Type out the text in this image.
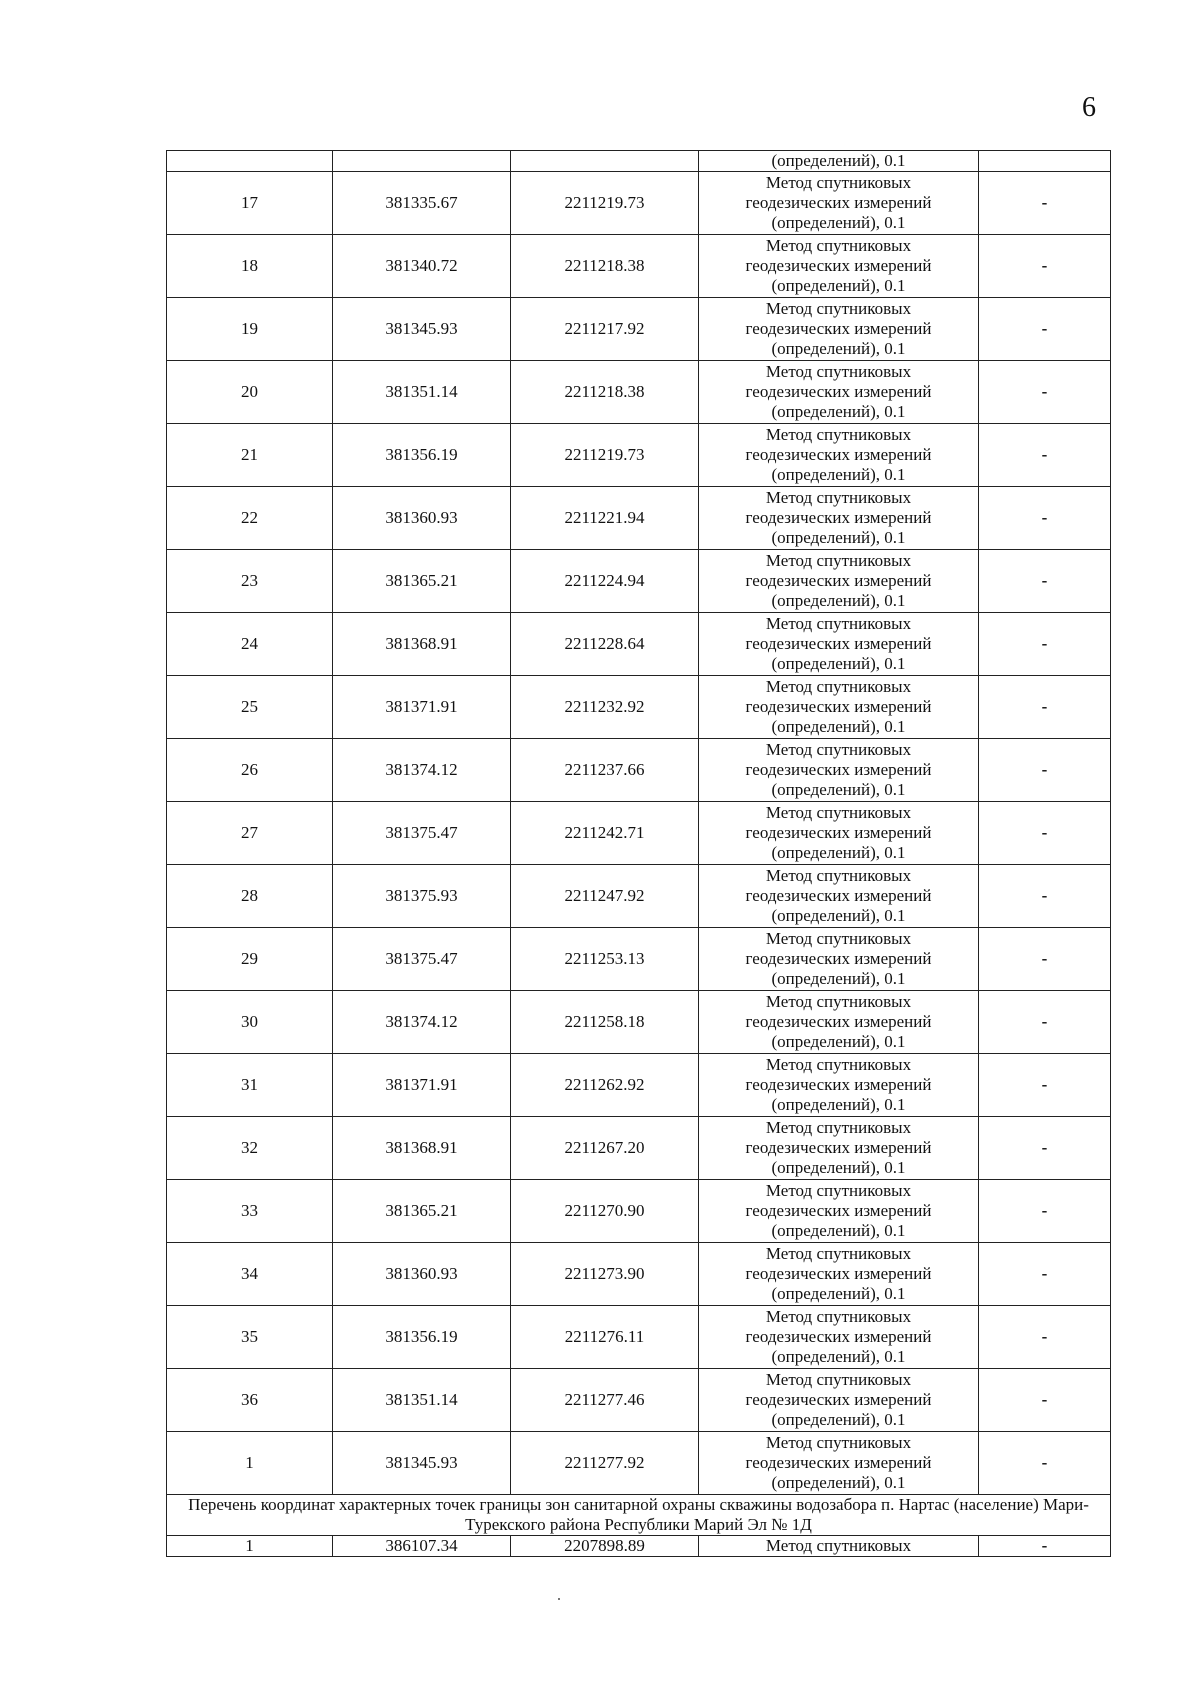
6
			(определений), 0.1	
17	381335.67	2211219.73	Метод спутниковых
геодезических измерений
(определений), 0.1	-
18	381340.72	2211218.38	Метод спутниковых
геодезических измерений
(определений), 0.1	-
19	381345.93	2211217.92	Метод спутниковых
геодезических измерений
(определений), 0.1	-
20	381351.14	2211218.38	Метод спутниковых
геодезических измерений
(определений), 0.1	-
21	381356.19	2211219.73	Метод спутниковых
геодезических измерений
(определений), 0.1	-
22	381360.93	2211221.94	Метод спутниковых
геодезических измерений
(определений), 0.1	-
23	381365.21	2211224.94	Метод спутниковых
геодезических измерений
(определений), 0.1	-
24	381368.91	2211228.64	Метод спутниковых
геодезических измерений
(определений), 0.1	-
25	381371.91	2211232.92	Метод спутниковых
геодезических измерений
(определений), 0.1	-
26	381374.12	2211237.66	Метод спутниковых
геодезических измерений
(определений), 0.1	-
27	381375.47	2211242.71	Метод спутниковых
геодезических измерений
(определений), 0.1	-
28	381375.93	2211247.92	Метод спутниковых
геодезических измерений
(определений), 0.1	-
29	381375.47	2211253.13	Метод спутниковых
геодезических измерений
(определений), 0.1	-
30	381374.12	2211258.18	Метод спутниковых
геодезических измерений
(определений), 0.1	-
31	381371.91	2211262.92	Метод спутниковых
геодезических измерений
(определений), 0.1	-
32	381368.91	2211267.20	Метод спутниковых
геодезических измерений
(определений), 0.1	-
33	381365.21	2211270.90	Метод спутниковых
геодезических измерений
(определений), 0.1	-
34	381360.93	2211273.90	Метод спутниковых
геодезических измерений
(определений), 0.1	-
35	381356.19	2211276.11	Метод спутниковых
геодезических измерений
(определений), 0.1	-
36	381351.14	2211277.46	Метод спутниковых
геодезических измерений
(определений), 0.1	-
1	381345.93	2211277.92	Метод спутниковых
геодезических измерений
(определений), 0.1	-
Перечень координат характерных точек границы зон санитарной охраны скважины водозабора п. Нартас (население) Мари-Турекского района Республики Марий Эл № 1Д				
1	386107.34	2207898.89	Метод спутниковых	-
